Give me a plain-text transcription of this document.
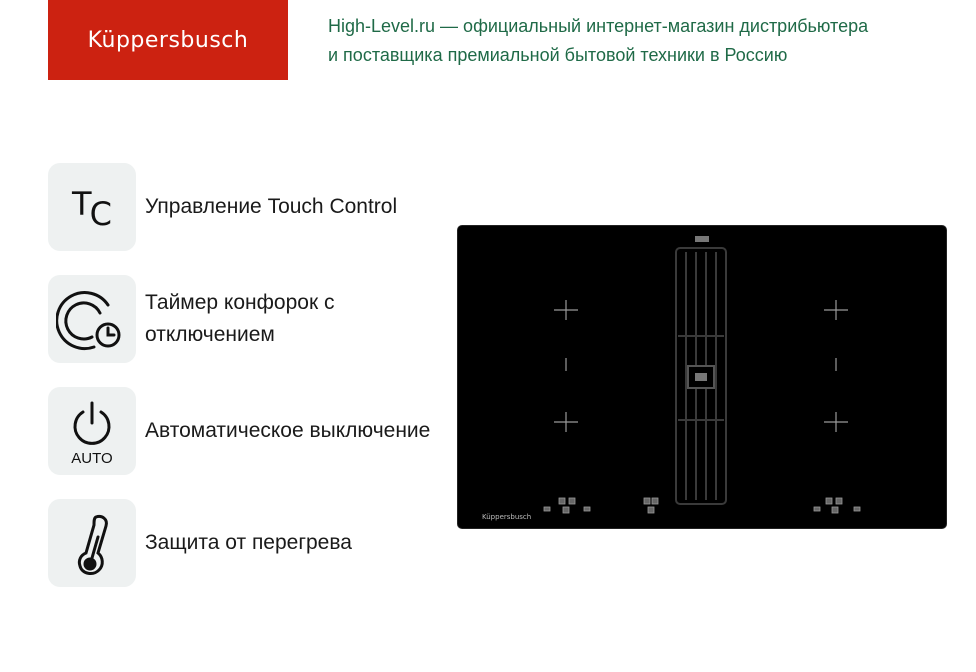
Küppersbusch
High-Level.ru — официальный интернет-магазин дистрибьютера
и поставщика премиальной бытовой техники в Россию
TC Управление Touch Control
Таймер конфорок с отключением
AUTO
Автоматическое выключение
Защита от перегрева
Küppersbusch
